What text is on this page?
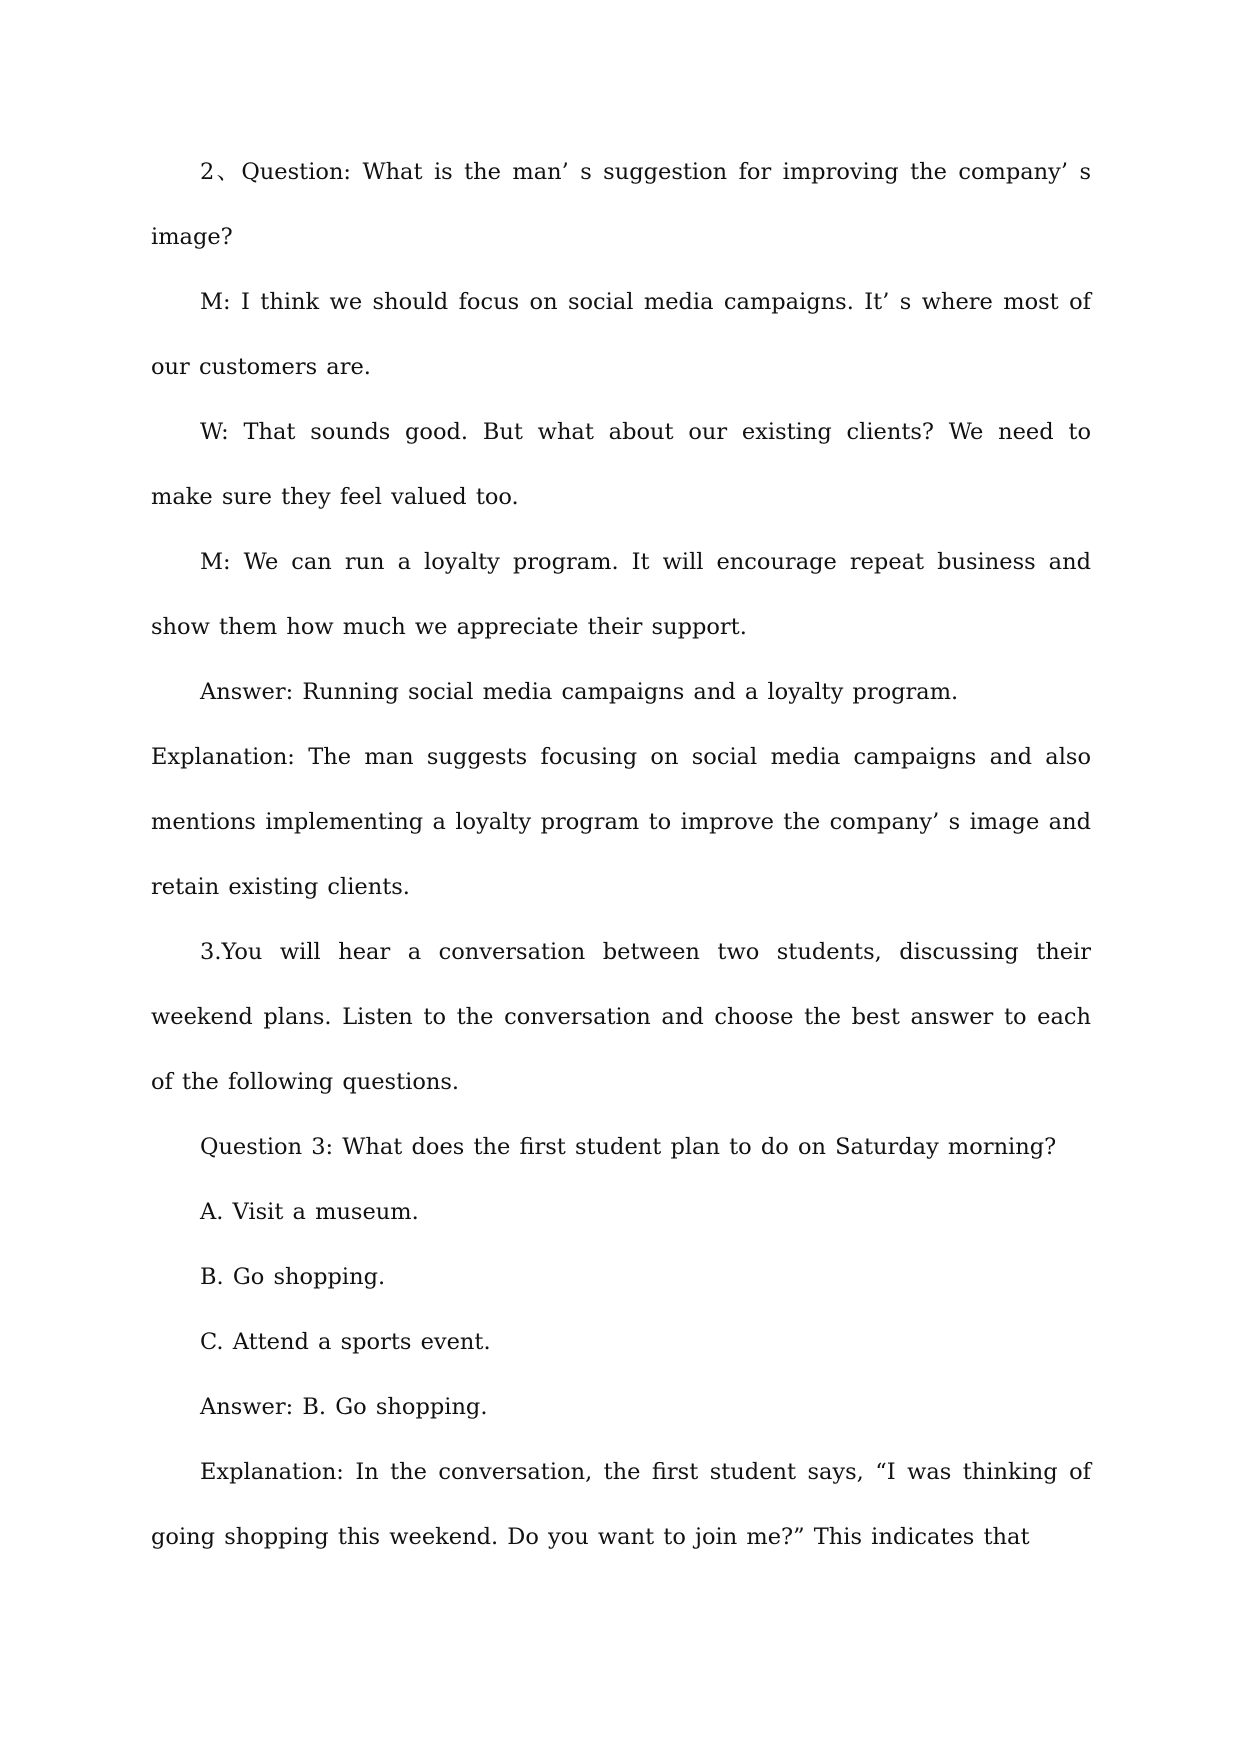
2、Question: What is the man’ s suggestion for improving the company’ s image?

M: I think we should focus on social media campaigns. It’ s where most of our customers are.

W: That sounds good. But what about our existing clients? We need to make sure they feel valued too.

M: We can run a loyalty program. It will encourage repeat business and show them how much we appreciate their support.

Answer: Running social media campaigns and a loyalty program.

Explanation: The man suggests focusing on social media campaigns and also mentions implementing a loyalty program to improve the company’ s image and retain existing clients.

3.You will hear a conversation between two students, discussing their weekend plans. Listen to the conversation and choose the best answer to each of the following questions.

Question 3: What does the first student plan to do on Saturday morning?

A. Visit a museum.

B. Go shopping.

C. Attend a sports event.

Answer: B. Go shopping.

Explanation: In the conversation, the first student says, “I was thinking of going shopping this weekend. Do you want to join me?” This indicates that
